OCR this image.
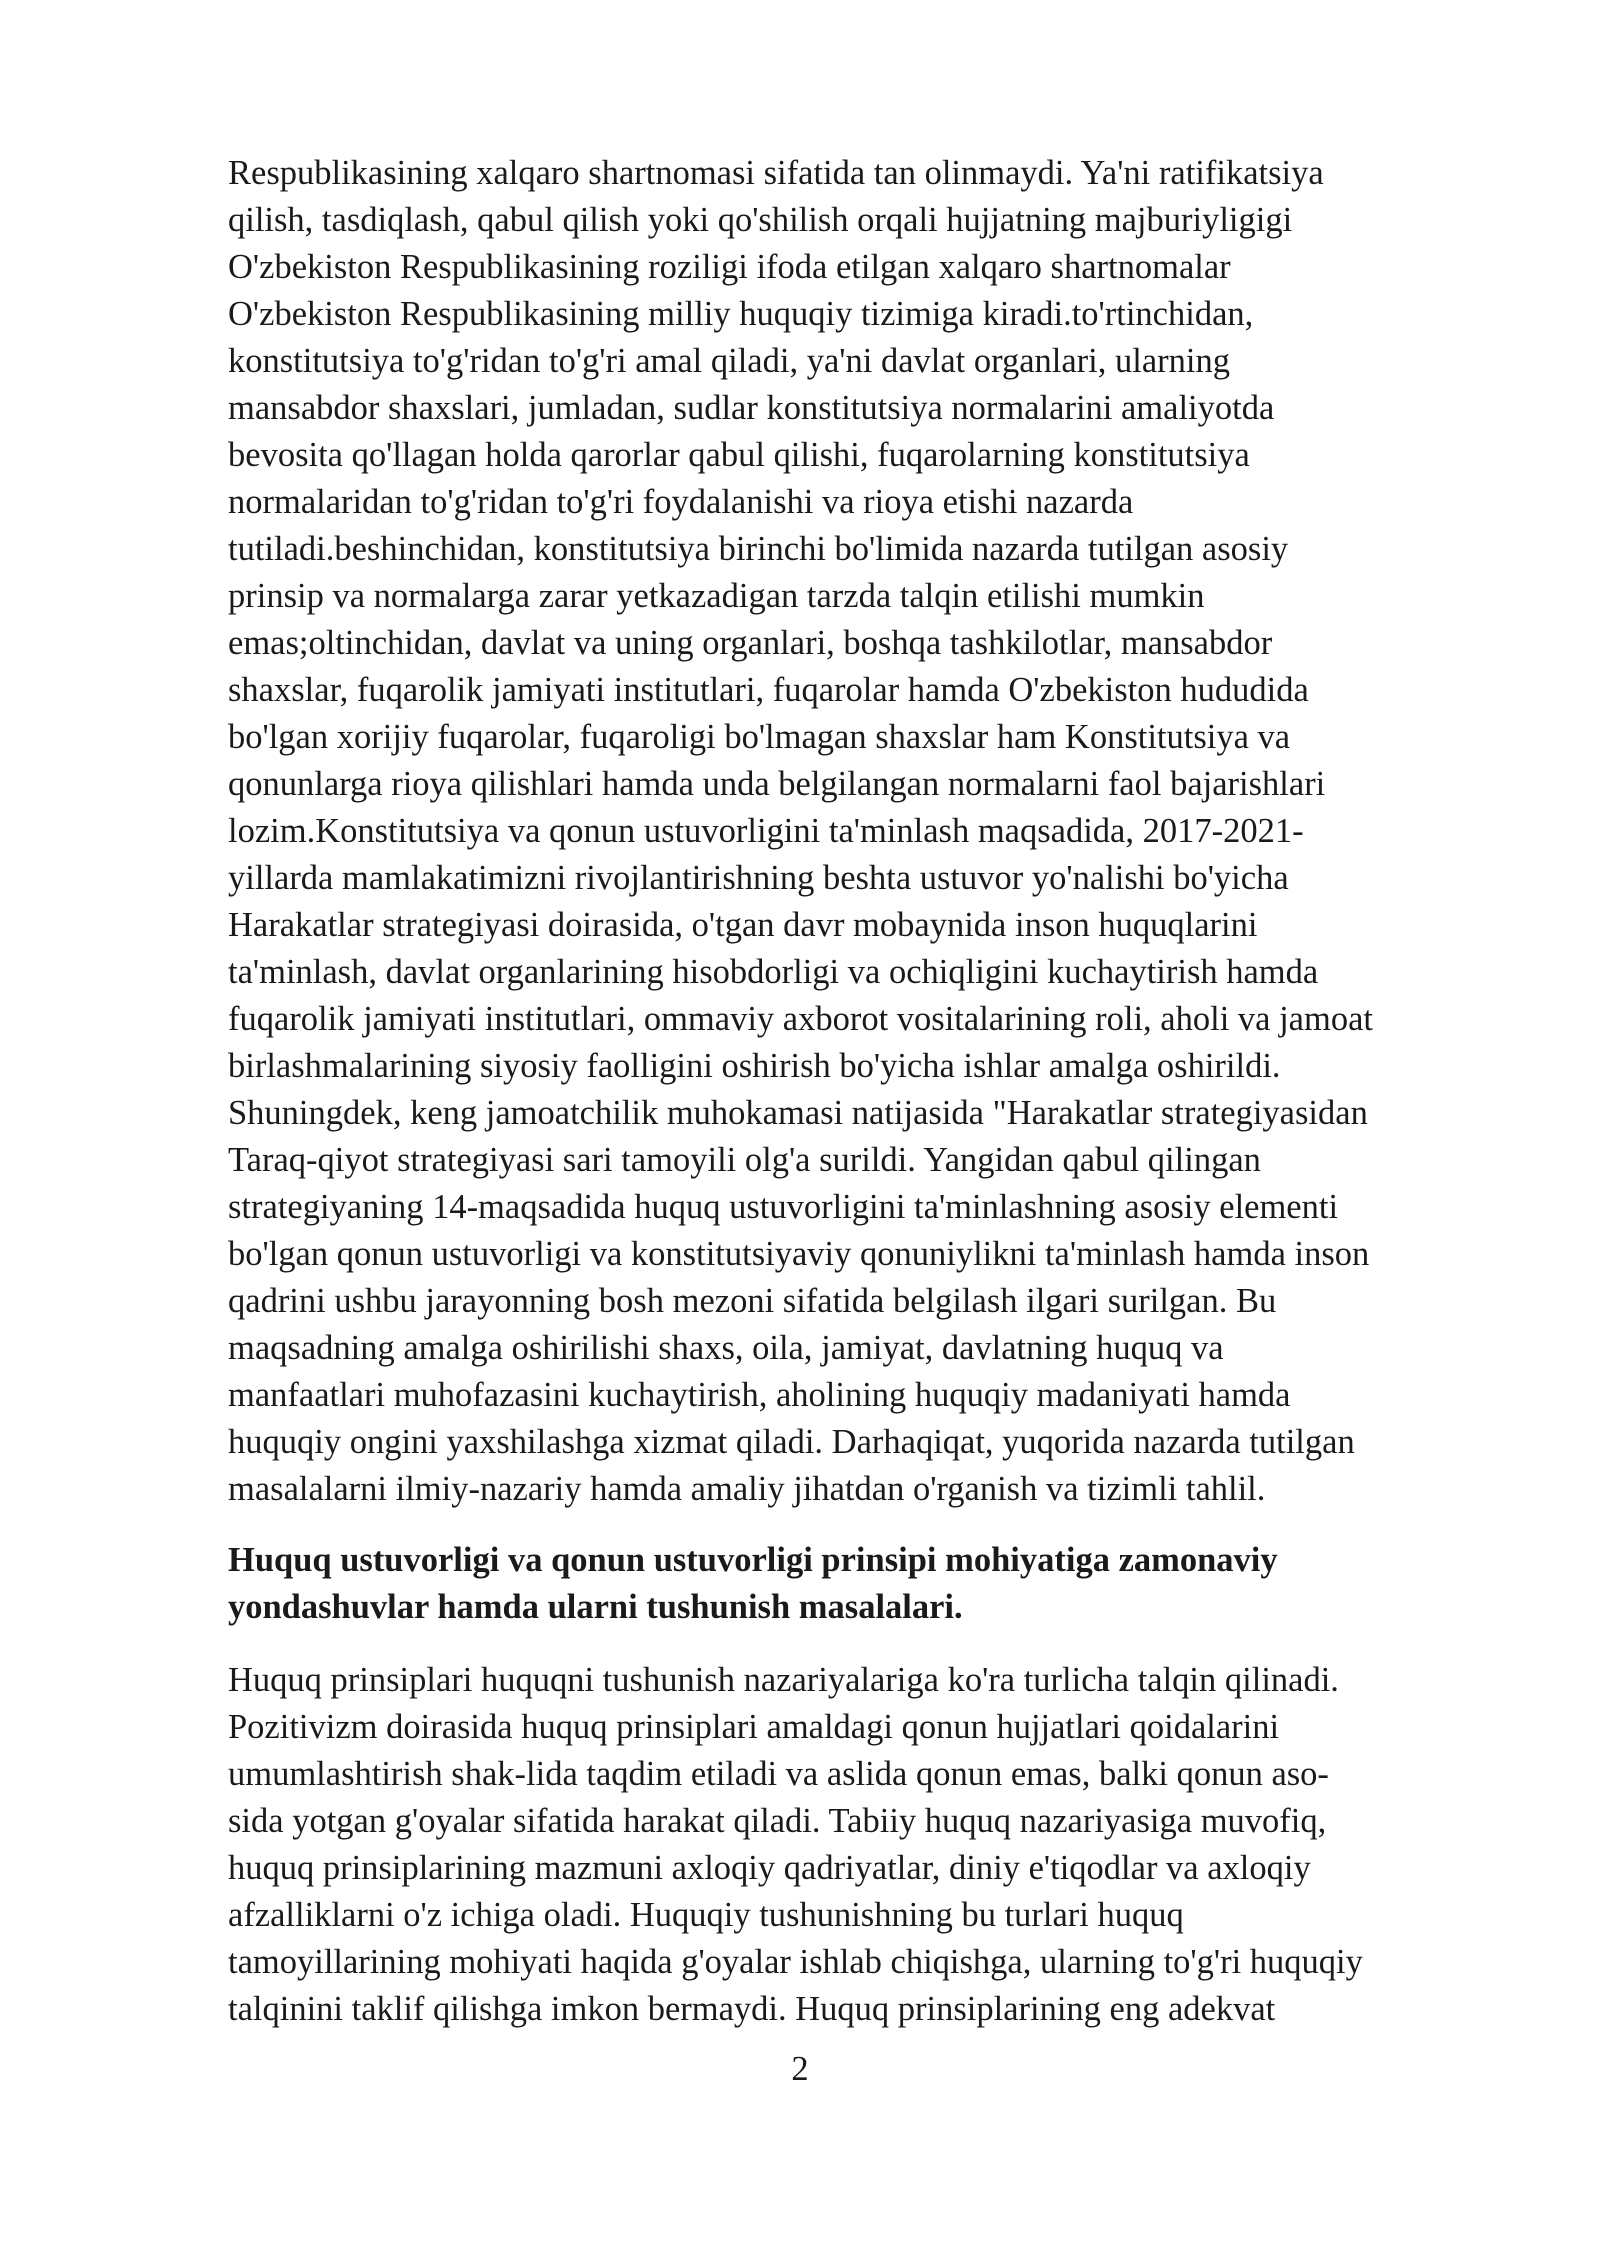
Respublikasining xalqaro shartnomasi sifatida tan olinmaydi. Ya'ni ratifikatsiya
qilish, tasdiqlash, qabul qilish yoki qo'shilish orqali hujjatning majburiyligigi
O'zbekiston Respublikasining roziligi ifoda etilgan xalqaro shartnomalar
O'zbekiston Respublikasining milliy huquqiy tizimiga kiradi.to'rtinchidan,
konstitutsiya to'g'ridan to'g'ri amal qiladi, ya'ni davlat organlari, ularning
mansabdor shaxslari, jumladan, sudlar konstitutsiya normalarini amaliyotda
bevosita qo'llagan holda qarorlar qabul qilishi, fuqarolarning konstitutsiya
normalaridan to'g'ridan to'g'ri foydalanishi va rioya etishi nazarda
tutiladi.beshinchidan, konstitutsiya birinchi bo'limida nazarda tutilgan asosiy
prinsip va normalarga zarar yetkazadigan tarzda talqin etilishi mumkin
emas;oltinchidan, davlat va uning organlari, boshqa tashkilotlar, mansabdor
shaxslar, fuqarolik jamiyati institutlari, fuqarolar hamda O'zbekiston hududida
bo'lgan xorijiy fuqarolar, fuqaroligi bo'lmagan shaxslar ham Konstitutsiya va
qonunlarga rioya qilishlari hamda unda belgilangan normalarni faol bajarishlari
lozim.Konstitutsiya va qonun ustuvorligini ta'minlash maqsadida, 2017-2021-
yillarda mamlakatimizni rivojlantirishning beshta ustuvor yo'nalishi bo'yicha
Harakatlar strategiyasi doirasida, o'tgan davr mobaynida inson huquqlarini
ta'minlash, davlat organlarining hisobdorligi va ochiqligini kuchaytirish hamda
fuqarolik jamiyati institutlari, ommaviy axborot vositalarining roli, aholi va jamoat
birlashmalarining siyosiy faolligini oshirish bo'yicha ishlar amalga oshirildi.
Shuningdek, keng jamoatchilik muhokamasi natijasida "Harakatlar strategiyasidan
Taraq-qiyot strategiyasi sari tamoyili olg'a surildi. Yangidan qabul qilingan
strategiyaning 14-maqsadida huquq ustuvorligini ta'minlashning asosiy elementi
bo'lgan qonun ustuvorligi va konstitutsiyaviy qonuniylikni ta'minlash hamda inson
qadrini ushbu jarayonning bosh mezoni sifatida belgilash ilgari surilgan. Bu
maqsadning amalga oshirilishi shaxs, oila, jamiyat, davlatning huquq va
manfaatlari muhofazasini kuchaytirish, aholining huquqiy madaniyati hamda
huquqiy ongini yaxshilashga xizmat qiladi. Darhaqiqat, yuqorida nazarda tutilgan
masalalarni ilmiy-nazariy hamda amaliy jihatdan o'rganish va tizimli tahlil.

Huquq ustuvorligi va qonun ustuvorligi prinsipi mohiyatiga zamonaviy
yondashuvlar hamda ularni tushunish masalalari.

Huquq prinsiplari huquqni tushunish nazariyalariga ko'ra turlicha talqin qilinadi.
Pozitivizm doirasida huquq prinsiplari amaldagi qonun hujjatlari qoidalarini
umumlashtirish shak-lida taqdim etiladi va aslida qonun emas, balki qonun aso-
sida yotgan g'oyalar sifatida harakat qiladi. Tabiiy huquq nazariyasiga muvofiq,
huquq prinsiplarining mazmuni axloqiy qadriyatlar, diniy e'tiqodlar va axloqiy
afzalliklarni o'z ichiga oladi. Huquqiy tushunishning bu turlari huquq
tamoyillarining mohiyati haqida g'oyalar ishlab chiqishga, ularning to'g'ri huquqiy
talqinini taklif qilishga imkon bermaydi. Huquq prinsiplarining eng adekvat

2
